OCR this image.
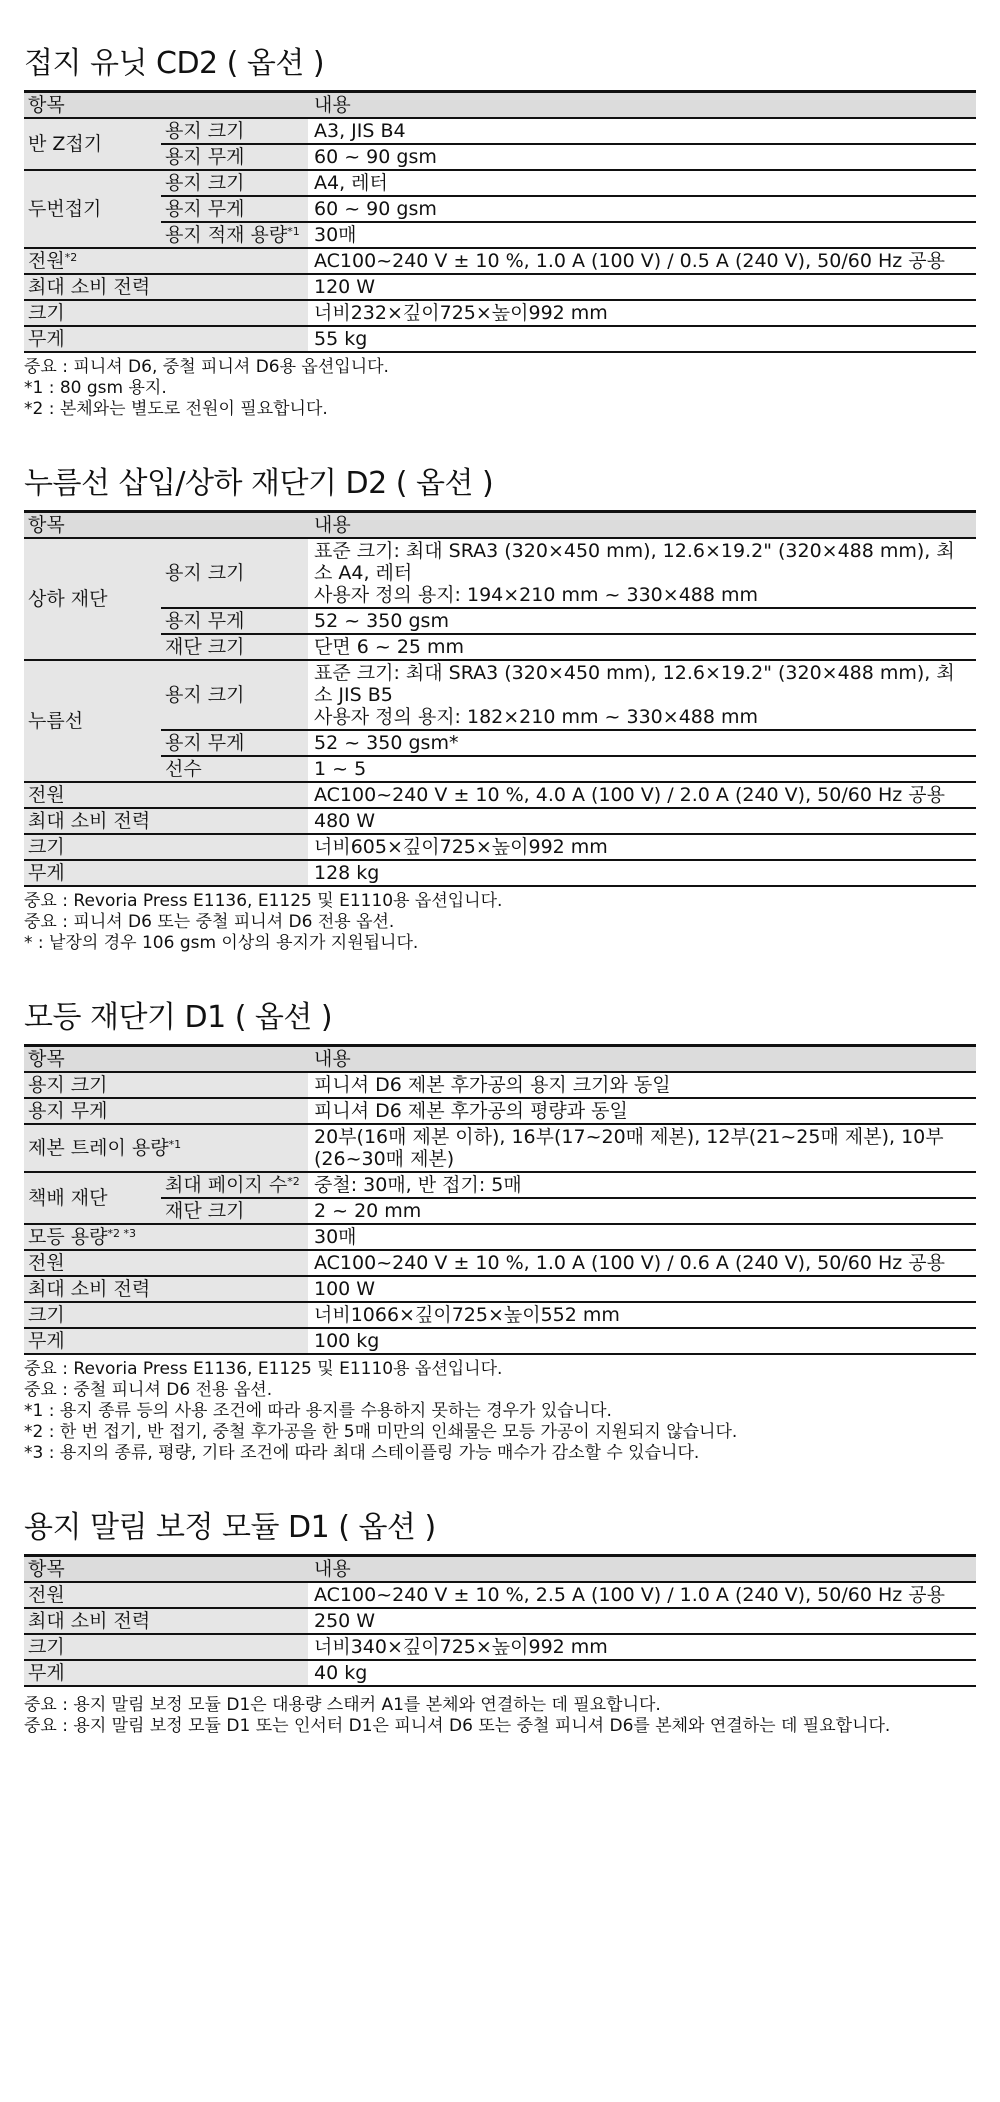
접지 유닛 CD2 ( 옵션 )
항목		내용
반 Z접기	용지 크기	A3, JIS B4
	용지 무게	60 ~ 90 gsm
두번접기	용지 크기	A4, 레터
	용지 무게	60 ~ 90 gsm
	용지 적재 용량$^{*1}$	30매
전원$^{*2}$		AC100~240 V ± 10 %, 1.0 A (100 V) / 0.5 A (240 V), 50/60 Hz 공용
최대 소비 전력		120 W
크기		너비232×깊이725×높이992 mm
무게		55 kg
중요 : 피니셔 D6, 중철 피니셔 D6용 옵션입니다.
*1 : 80 gsm 용지.
*2 : 본체와는 별도로 전원이 필요합니다.
누름선 삽입/상하 재단기 D2 ( 옵션 )
항목		내용
상하 재단	용지 크기	표준 크기: 최대 SRA3 (320×450 mm), 12.6×19.2" (320×488 mm), 최소 A4, 레터
사용자 정의 용지: 194×210 mm ~ 330×488 mm

	용지 무게	52 ~ 350 gsm
	재단 크기	단면 6 ~ 25 mm
누름선	용지 크기	표준 크기: 최대 SRA3 (320×450 mm), 12.6×19.2" (320×488 mm), 최소 JIS B5
사용자 정의 용지: 182×210 mm ~ 330×488 mm

	용지 무게	52 ~ 350 gsm*
	선수	1 ~ 5
전원		AC100~240 V ± 10 %, 4.0 A (100 V) / 2.0 A (240 V), 50/60 Hz 공용
최대 소비 전력		480 W
크기		너비605×깊이725×높이992 mm
무게		128 kg
중요 : Revoria Press E1136, E1125 및 E1110용 옵션입니다.
중요 : 피니셔 D6 또는 중철 피니셔 D6 전용 옵션.
* : 낱장의 경우 106 gsm 이상의 용지가 지원됩니다.
모등 재단기 D1 ( 옵션 )
항목		내용
용지 크기		피니셔 D6 제본 후가공의 용지 크기와 동일
용지 무게		피니셔 D6 제본 후가공의 평량과 동일
제본 트레이 용량$^{*1}$		20부(16매 제본 이하), 16부(17~20매 제본), 12부(21~25매 제본), 10부(26~30매 제본)
책배 재단	최대 페이지 수$^{*2}$	중철: 30매, 반 접기: 5매
	재단 크기	2 ~ 20 mm
모등 용량$^{*2 *3}$		30매
전원		AC100~240 V ± 10 %, 1.0 A (100 V) / 0.6 A (240 V), 50/60 Hz 공용
최대 소비 전력		100 W
크기		너비1066×깊이725×높이552 mm
무게		100 kg
중요 : Revoria Press E1136, E1125 및 E1110용 옵션입니다.
중요 : 중철 피니셔 D6 전용 옵션.
*1 : 용지 종류 등의 사용 조건에 따라 용지를 수용하지 못하는 경우가 있습니다.
*2 : 한 번 접기, 반 접기, 중철 후가공을 한 5매 미만의 인쇄물은 모등 가공이 지원되지 않습니다.
*3 : 용지의 종류, 평량, 기타 조건에 따라 최대 스테이플링 가능 매수가 감소할 수 있습니다.
용지 말림 보정 모듈 D1 ( 옵션 )
항목	내용
전원	AC100~240 V ± 10 %, 2.5 A (100 V) / 1.0 A (240 V), 50/60 Hz 공용
최대 소비 전력	250 W
크기	너비340×깊이725×높이992 mm
무게	40 kg
중요 : 용지 말림 보정 모듈 D1은 대용량 스태커 A1를 본체와 연결하는 데 필요합니다.
중요 : 용지 말림 보정 모듈 D1 또는 인서터 D1은 피니셔 D6 또는 중철 피니셔 D6를 본체와 연결하는 데 필요합니다.
